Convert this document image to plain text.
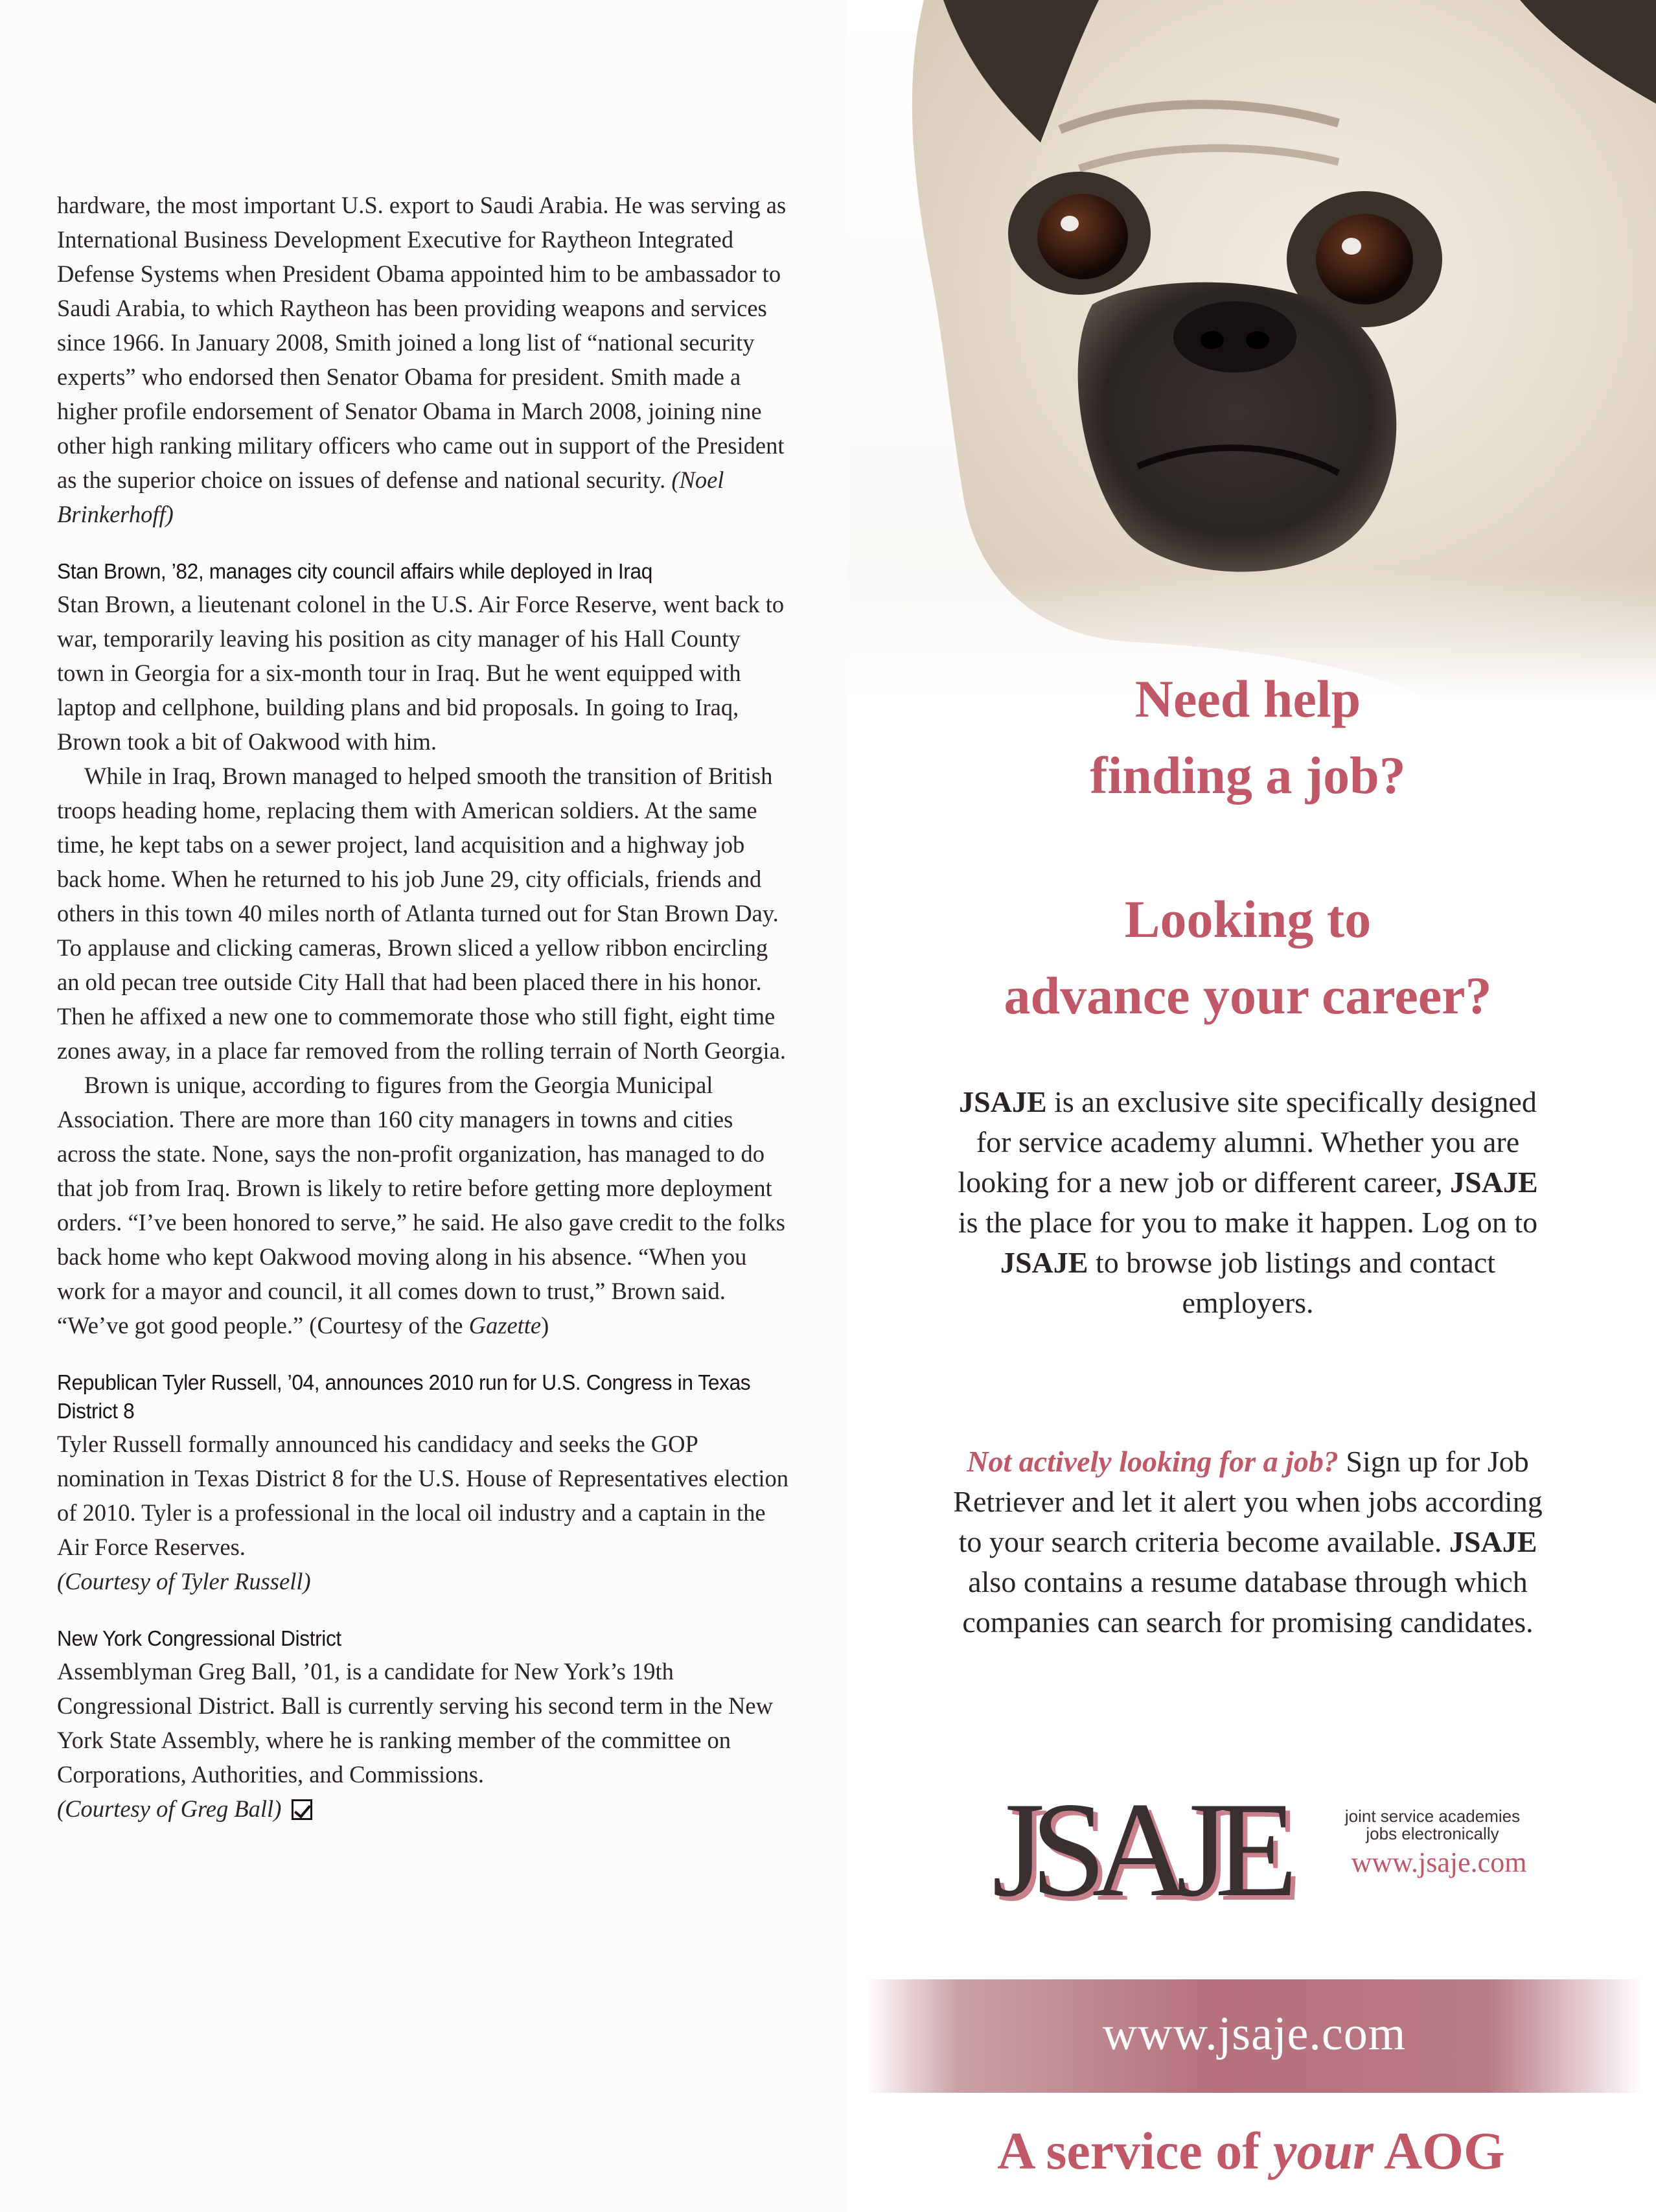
hardware, the most important U.S. export to Saudi Arabia. He was serving as International Business Development Executive for Raytheon Integrated Defense Systems when President Obama appointed him to be ambassador to Saudi Arabia, to which Raytheon has been providing weapons and services since 1966. In January 2008, Smith joined a long list of “national security experts” who endorsed then Senator Obama for president. Smith made a higher profile endorsement of Senator Obama in March 2008, joining nine other high ranking military officers who came out in support of the President as the superior choice on issues of defense and national security. (Noel Brinkerhoff)

Stan Brown, ’82, manages city council affairs while deployed in Iraq

Stan Brown, a lieutenant colonel in the U.S. Air Force Reserve, went back to war, temporarily leaving his position as city manager of his Hall County town in Georgia for a six-month tour in Iraq. But he went equipped with laptop and cellphone, building plans and bid proposals. In going to Iraq, Brown took a bit of Oakwood with him.

While in Iraq, Brown managed to helped smooth the transition of British troops heading home, replacing them with American soldiers. At the same time, he kept tabs on a sewer project, land acquisition and a highway job back home. When he returned to his job June 29, city officials, friends and others in this town 40 miles north of Atlanta turned out for Stan Brown Day. To applause and clicking cameras, Brown sliced a yellow ribbon encircling an old pecan tree outside City Hall that had been placed there in his honor. Then he affixed a new one to commemorate those who still fight, eight time zones away, in a place far removed from the rolling terrain of North Georgia.

Brown is unique, according to figures from the Georgia Municipal Association. There are more than 160 city managers in towns and cities across the state. None, says the non-profit organization, has managed to do that job from Iraq. Brown is likely to retire before getting more deployment orders. “I’ve been honored to serve,” he said. He also gave credit to the folks back home who kept Oakwood moving along in his absence. “When you work for a mayor and council, it all comes down to trust,” Brown said. “We’ve got good people.” (Courtesy of the Gazette)

Republican Tyler Russell, ’04, announces 2010 run for U.S. Congress in Texas District 8

Tyler Russell formally announced his candidacy and seeks the GOP nomination in Texas District 8 for the U.S. House of Representatives election of 2010. Tyler is a professional in the local oil industry and a captain in the Air Force Reserves.
(Courtesy of Tyler Russell)

New York Congressional District

Assemblyman Greg Ball, ’01, is a candidate for New York’s 19th Congressional District. Ball is currently serving his second term in the New York State Assembly, where he is ranking member of the committee on Corporations, Authorities, and Commissions.
(Courtesy of Greg Ball)

Need help
finding a job?
Looking to
advance your career?

JSAJE is an exclusive site specifically designed for service academy alumni. Whether you are looking for a new job or different career, JSAJE is the place for you to make it happen. Log on to JSAJE to browse job listings and contact employers.

Not actively looking for a job? Sign up for Job Retriever and let it alert you when jobs according to your search criteria become available. JSAJE also contains a resume database through which companies can search for promising candidates.

JSAJE	joint service academies
jobs electronically
www.jsaje.com
www.jsaje.com
A service of your AOG
